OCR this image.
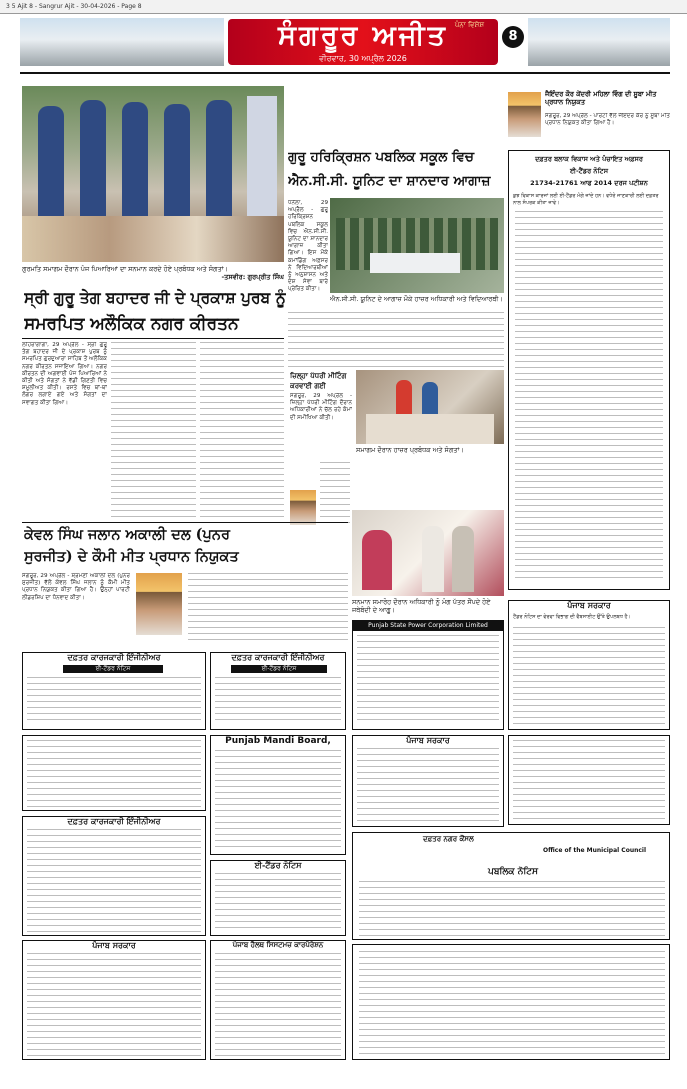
3 5 Ajit 8 - Sangrur Ajit - 30-04-2026 - Page 8
ਪੰਨਾ ਵਿਸ਼ੇਸ਼
ਸੰਗਰੂਰ ਅਜੀਤ
ਵੀਰਵਾਰ, 30 ਅਪ੍ਰੈਲ 2026
8
ਜੈਇੰਦਰ ਕੌਰ ਕੇਂਦਰੀ ਮਹਿਲਾ ਵਿੰਗ ਦੀ ਸੂਬਾ ਮੀਤ ਪ੍ਰਧਾਨ ਨਿਯੁਕਤ
ਸੰਗਰੂਰ, 29 ਅਪ੍ਰੈਲ - ਪਾਰਟੀ ਵੱਲੋਂ ਜੈਇੰਦਰ ਕੌਰ ਨੂੰ ਸੂਬਾ ਮੀਤ ਪ੍ਰਧਾਨ ਨਿਯੁਕਤ ਕੀਤਾ ਗਿਆ ਹੈ।
ਗੁਰਮਤਿ ਸਮਾਗਮ ਦੌਰਾਨ ਪੰਜ ਪਿਆਰਿਆਂ ਦਾ ਸਨਮਾਨ ਕਰਦੇ ਹੋਏ ਪ੍ਰਬੰਧਕ ਅਤੇ ਸੰਗਤਾਂ।
-ਤਸਵੀਰ: ਗੁਰਪ੍ਰੀਤ ਸਿੰਘ
ਸ੍ਰੀ ਗੁਰੂ ਤੇਗ ਬਹਾਦਰ ਜੀ ਦੇ ਪ੍ਰਕਾਸ਼ ਪੁਰਬ ਨੂੰ
ਸਮਰਪਿਤ ਅਲੌਕਿਕ ਨਗਰ ਕੀਰਤਨ
ਲਹਿਰਾਗਾਗਾ, 29 ਅਪ੍ਰੈਲ - ਸ੍ਰੀ ਗੁਰੂ ਤੇਗ ਬਹਾਦਰ ਜੀ ਦੇ ਪ੍ਰਕਾਸ਼ ਪੁਰਬ ਨੂੰ ਸਮਰਪਿਤ ਗੁਰਦੁਆਰਾ ਸਾਹਿਬ ਤੋਂ ਅਲੌਕਿਕ ਨਗਰ ਕੀਰਤਨ ਸਜਾਇਆ ਗਿਆ। ਨਗਰ ਕੀਰਤਨ ਦੀ ਅਗਵਾਈ ਪੰਜ ਪਿਆਰਿਆਂ ਨੇ ਕੀਤੀ ਅਤੇ ਸੰਗਤਾਂ ਨੇ ਵੱਡੀ ਗਿਣਤੀ ਵਿਚ ਸ਼ਮੂਲੀਅਤ ਕੀਤੀ। ਰਸਤੇ ਵਿਚ ਥਾਂ-ਥਾਂ ਲੰਗਰ ਲਗਾਏ ਗਏ ਅਤੇ ਸੰਗਤਾਂ ਦਾ ਸਵਾਗਤ ਕੀਤਾ ਗਿਆ।
ਗੁਰੂ ਹਰਿਕ੍ਰਿਸ਼ਨ ਪਬਲਿਕ ਸਕੂਲ ਵਿਚ
ਐਨ.ਸੀ.ਸੀ. ਯੂਨਿਟ ਦਾ ਸ਼ਾਨਦਾਰ ਆਗਾਜ਼
ਧਨੌਲਾ, 29 ਅਪ੍ਰੈਲ - ਗੁਰੂ ਹਰਿਕ੍ਰਿਸ਼ਨ ਪਬਲਿਕ ਸਕੂਲ ਵਿਚ ਐਨ.ਸੀ.ਸੀ. ਯੂਨਿਟ ਦਾ ਸ਼ਾਨਦਾਰ ਆਗਾਜ਼ ਕੀਤਾ ਗਿਆ। ਇਸ ਮੌਕੇ ਕਮਾਂਡਿੰਗ ਅਫ਼ਸਰ ਨੇ ਵਿਦਿਆਰਥੀਆਂ ਨੂੰ ਅਨੁਸ਼ਾਸਨ ਅਤੇ ਦੇਸ਼ ਸੇਵਾ ਬਾਰੇ ਪ੍ਰੇਰਿਤ ਕੀਤਾ।
ਐਨ.ਸੀ.ਸੀ. ਯੂਨਿਟ ਦੇ ਆਗਾਜ਼ ਮੌਕੇ ਹਾਜ਼ਰ ਅਧਿਕਾਰੀ ਅਤੇ ਵਿਦਿਆਰਥੀ।
ਜ਼ਿਲ੍ਹਾ ਪੱਧਰੀ ਮੀਟਿੰਗ
ਕਰਵਾਈ ਗਈ
ਸੰਗਰੂਰ, 29 ਅਪ੍ਰੈਲ - ਜ਼ਿਲ੍ਹਾ ਪੱਧਰੀ ਮੀਟਿੰਗ ਦੌਰਾਨ ਅਧਿਕਾਰੀਆਂ ਨੇ ਚੱਲ ਰਹੇ ਕੰਮਾਂ ਦੀ ਸਮੀਖਿਆ ਕੀਤੀ।
ਸਮਾਗਮ ਦੌਰਾਨ ਹਾਜ਼ਰ ਪ੍ਰਬੰਧਕ ਅਤੇ ਸੰਗਤਾਂ।
ਸਨਮਾਨ ਸਮਾਰੋਹ ਦੌਰਾਨ ਅਧਿਕਾਰੀ ਨੂੰ ਮੰਗ ਪੱਤਰ ਸੌਂਪਦੇ ਹੋਏ ਜਥੇਬੰਦੀ ਦੇ ਆਗੂ।
ਕੇਵਲ ਸਿੰਘ ਜਲਾਨ ਅਕਾਲੀ ਦਲ (ਪੁਨਰ
ਸੁਰਜੀਤ) ਦੇ ਕੌਮੀ ਮੀਤ ਪ੍ਰਧਾਨ ਨਿਯੁਕਤ
ਸੰਗਰੂਰ, 29 ਅਪ੍ਰੈਲ - ਸ਼੍ਰੋਮਣੀ ਅਕਾਲੀ ਦਲ (ਪੁਨਰ ਸੁਰਜੀਤ) ਵੱਲੋਂ ਕੇਵਲ ਸਿੰਘ ਜਲਾਨ ਨੂੰ ਕੌਮੀ ਮੀਤ ਪ੍ਰਧਾਨ ਨਿਯੁਕਤ ਕੀਤਾ ਗਿਆ ਹੈ। ਉਨ੍ਹਾਂ ਪਾਰਟੀ ਲੀਡਰਸ਼ਿਪ ਦਾ ਧੰਨਵਾਦ ਕੀਤਾ।
ਦਫ਼ਤਰ ਬਲਾਕ ਵਿਕਾਸ ਅਤੇ ਪੰਚਾਇਤ ਅਫ਼ਸਰ
ਈ-ਟੈਂਡਰ ਨੋਟਿਸ
21734-21761 ਆਫ 2014 ਦਰਜ ਪਟੀਸ਼ਨ
ਕੁਝ ਵਿਕਾਸ ਕਾਰਜਾਂ ਲਈ ਈ-ਟੈਂਡਰ ਮੰਗੇ ਜਾਂਦੇ ਹਨ। ਵਧੇਰੇ ਜਾਣਕਾਰੀ ਲਈ ਦਫ਼ਤਰ ਨਾਲ ਸੰਪਰਕ ਕੀਤਾ ਜਾਵੇ।
ਦਫ਼ਤਰ ਕਾਰਜਕਾਰੀ ਇੰਜੀਨੀਅਰ
ਈ-ਟੈਂਡਰ ਨੋਟਿਸ
ਦਫ਼ਤਰ ਕਾਰਜਕਾਰੀ ਇੰਜੀਨੀਅਰ
ਈ-ਟੈਂਡਰ ਨੋਟਿਸ
Punjab State Power Corporation Limited
ਪੰਜਾਬ ਸਰਕਾਰ
ਟੈਂਡਰ ਨੋਟਿਸ ਦਾ ਵੇਰਵਾ ਵਿਭਾਗ ਦੀ ਵੈਬਸਾਈਟ ਉੱਤੇ ਉਪਲਬਧ ਹੈ।
Punjab Mandi Board,	ਪੰਜਾਬ ਸਰਕਾਰ
ਦਫ਼ਤਰ ਕਾਰਜਕਾਰੀ ਇੰਜੀਨੀਅਰ
ਈ-ਟੈਂਡਰ ਨੋਟਿਸ
ਦਫ਼ਤਰ ਨਗਰ ਕੌਂਸਲ
Office of the Municipal Council
ਪਬਲਿਕ ਨੋਟਿਸ
ਪੰਜਾਬ ਸਰਕਾਰ	ਪੰਜਾਬ ਹੈਲਥ ਸਿਸਟਮਜ਼ ਕਾਰਪੋਰੇਸ਼ਨ
